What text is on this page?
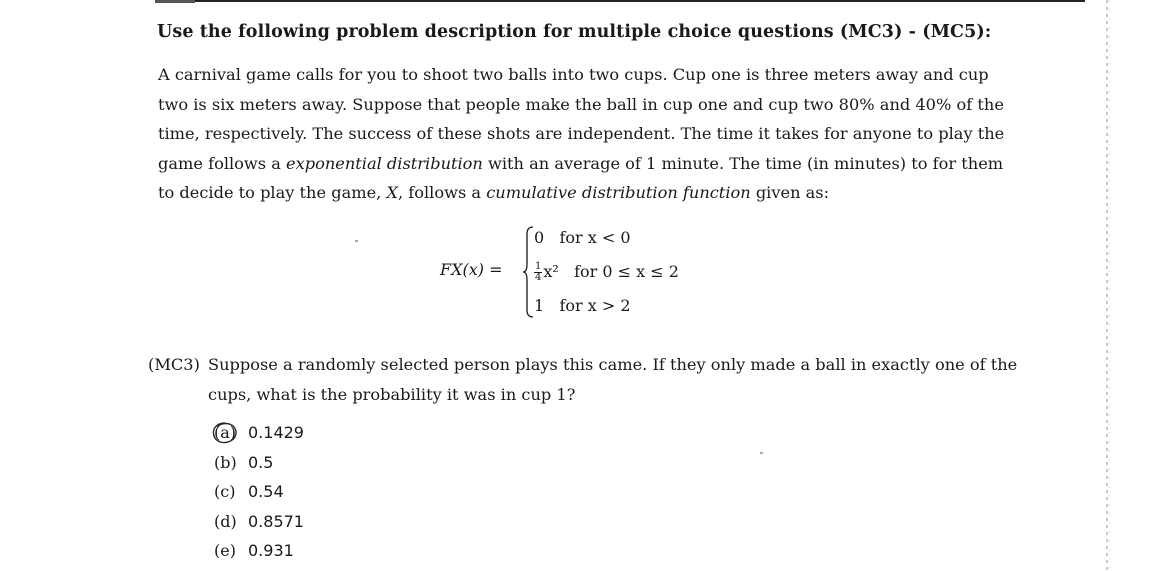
Use the following problem description for multiple choice questions (MC3) - (MC5):
A carnival game calls for you to shoot two balls into two cups. Cup one is three meters away and cup
two is six meters away. Suppose that people make the ball in cup one and cup two 80% and 40% of the
time, respectively. The success of these shots are independent. The time it takes for anyone to play the
game follows a exponential distribution with an average of 1 minute. The time (in minutes) to for them
to decide to play the game, X, follows a cumulative distribution function given as:
FX(x) =
0   for x < 0
$\frac{1}{4} x^2$   for 0 ≤ x ≤ 2
1   for x > 2
(MC3) Suppose a randomly selected person plays this came. If they only made a ball in exactly one of the
cups, what is the probability it was in cup 1?
(a) 0.1429
(b) 0.5
(c) 0.54
(d) 0.8571
(e) 0.931
